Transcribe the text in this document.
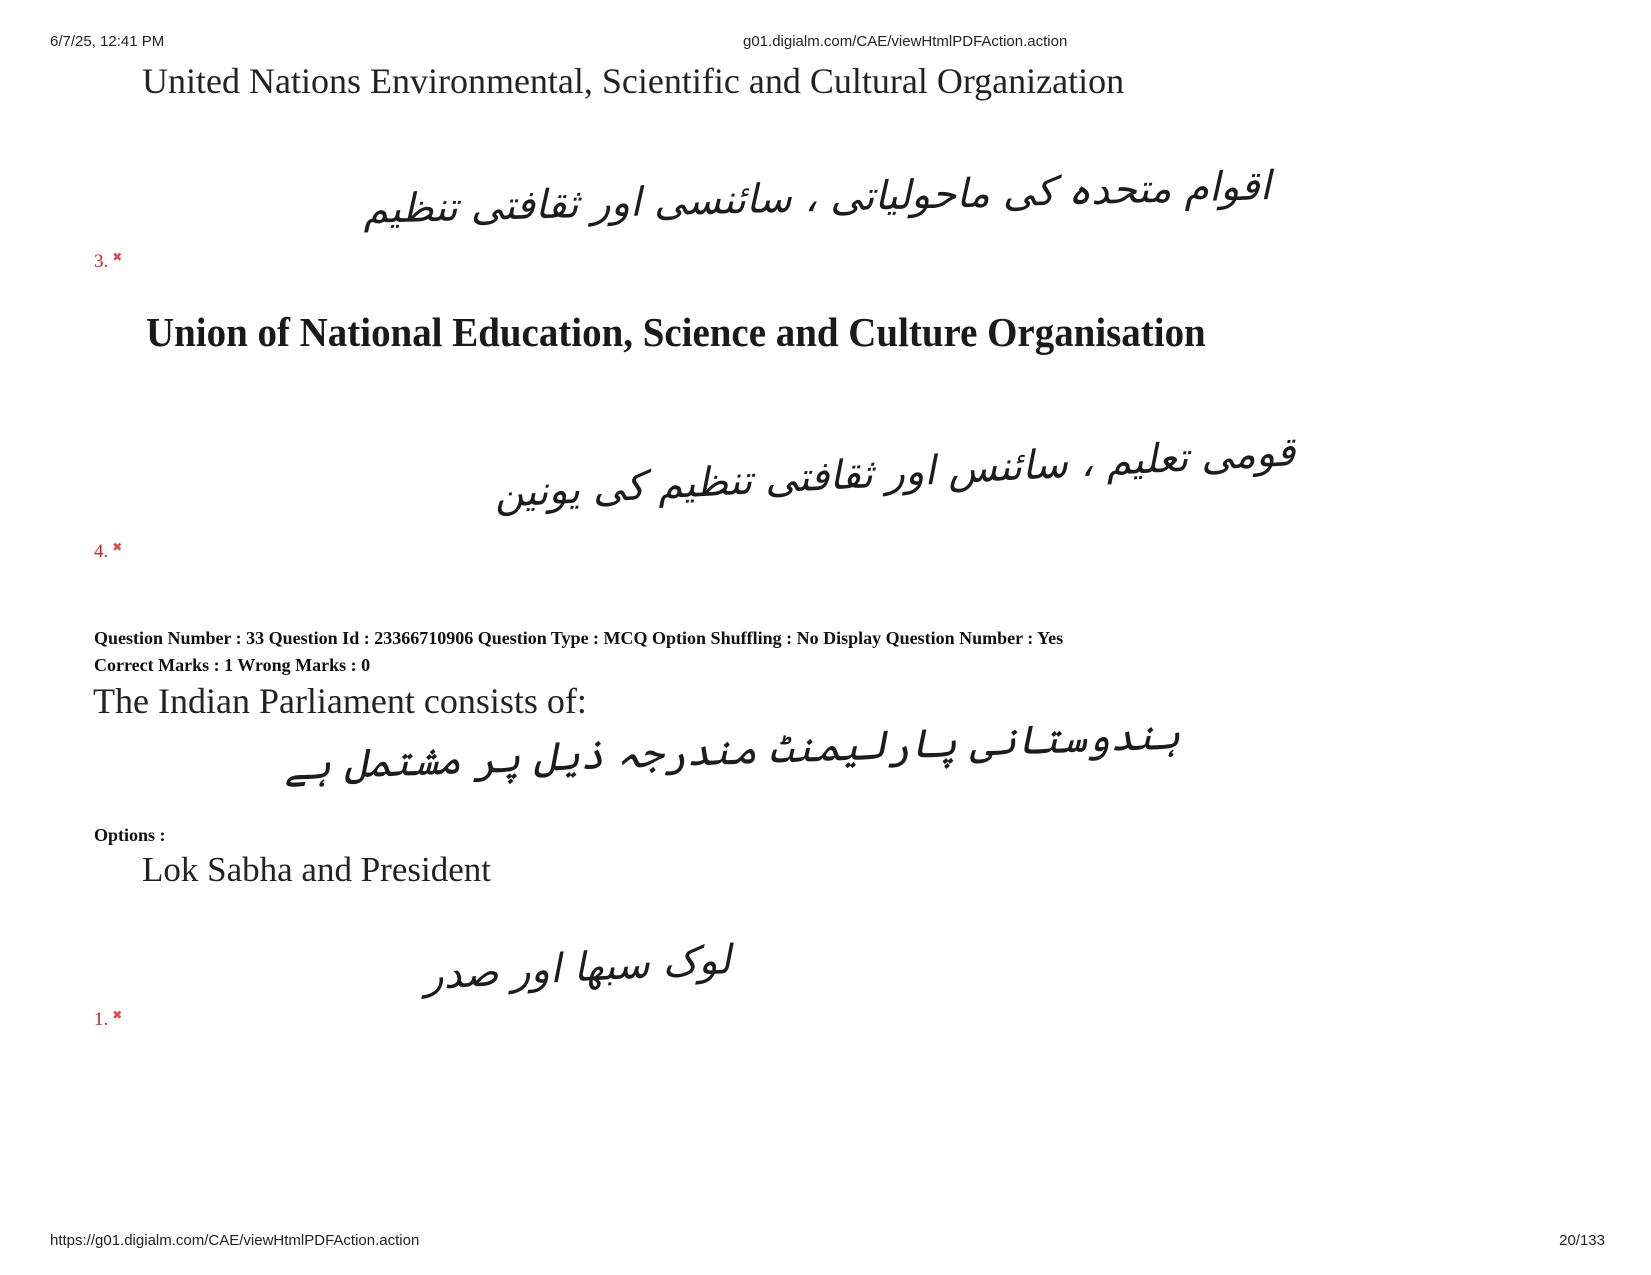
6/7/25, 12:41 PM	g01.digialm.com/CAE/viewHtmlPDFAction.action
United Nations Environmental, Scientific and Cultural Organization
اقوام متحدہ کی ماحولیاتی ، سائنسی اور ثقافتی تنظیم
3. ✖
Union of National Education, Science and Culture Organisation
قومی تعلیم ، سائنس اور ثقافتی تنظیم کی یونین
4. ✖
Question Number : 33 Question Id : 23366710906 Question Type : MCQ Option Shuffling : No Display Question Number : Yes
Correct Marks : 1 Wrong Marks : 0
The Indian Parliament consists of:
ہندوستانی پارلیمنٹ مندرجہ ذیل پر مشتمل ہے
Options :
Lok Sabha and President
لوک سبھا اور صدر
1. ✖
https://g01.digialm.com/CAE/viewHtmlPDFAction.action	20/133
